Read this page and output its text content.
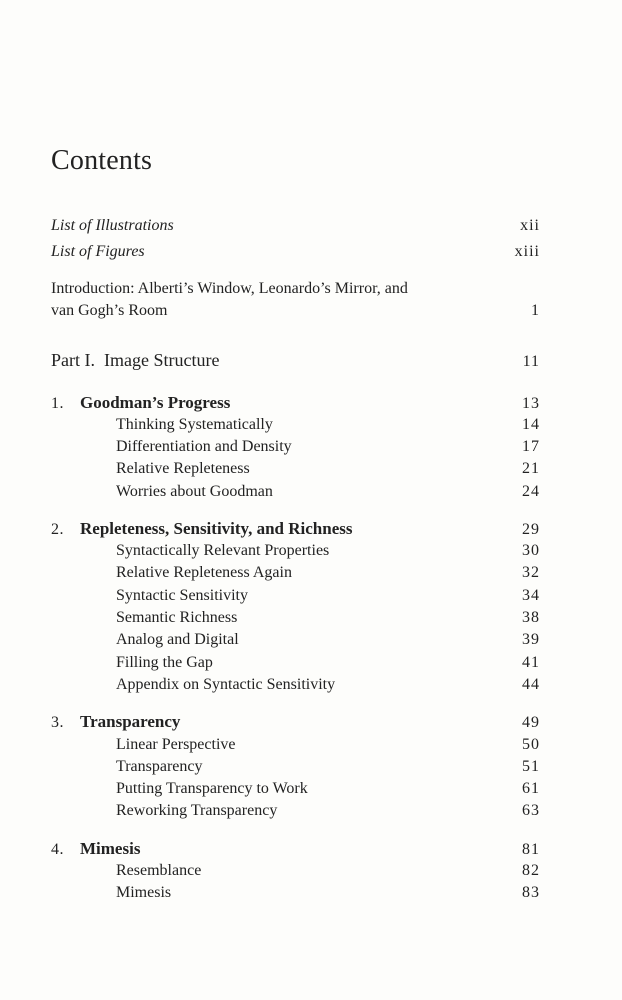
Contents
List of Illustrations	xii
List of Figures	xiii
Introduction: Alberti’s Window, Leonardo’s Mirror, and
van Gogh’s Room	1
Part I.  Image Structure	11
1. Goodman’s Progress	13
Thinking Systematically	14
Differentiation and Density	17
Relative Repleteness	21
Worries about Goodman	24
2. Repleteness, Sensitivity, and Richness	29
Syntactically Relevant Properties	30
Relative Repleteness Again	32
Syntactic Sensitivity	34
Semantic Richness	38
Analog and Digital	39
Filling the Gap	41
Appendix on Syntactic Sensitivity	44
3. Transparency	49
Linear Perspective	50
Transparency	51
Putting Transparency to Work	61
Reworking Transparency	63
4. Mimesis	81
Resemblance	82
Mimesis	83
